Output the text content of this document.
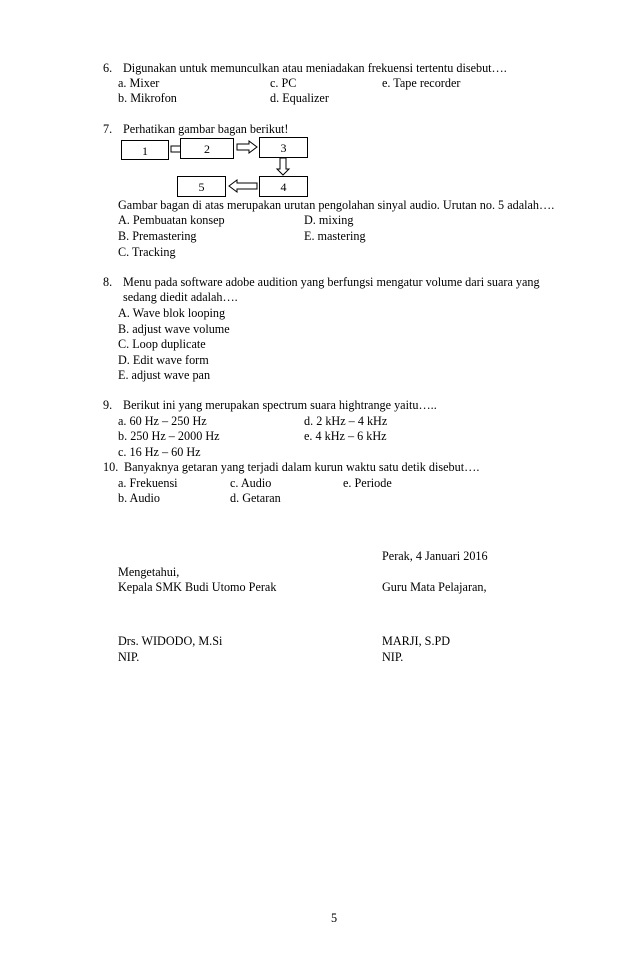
6. Digunakan untuk memunculkan atau meniadakan frekuensi tertentu disebut….
a. Mixer	c. PC	e. Tape recorder
b. Mikrofon	d. Equalizer
7. Perhatikan gambar bagan berikut!
1	2	3
4
5
Gambar bagan di atas merupakan urutan pengolahan sinyal audio. Urutan no. 5 adalah….
A. Pembuatan konsep	D. mixing
B. Premastering	E. mastering
C. Tracking
8. Menu pada software adobe audition yang berfungsi mengatur volume dari suara yang
sedang diedit adalah….
A. Wave blok looping
B. adjust wave volume
C. Loop duplicate
D. Edit wave form
E. adjust wave pan
9. Berikut ini yang merupakan spectrum suara hightrange yaitu…..
a. 60 Hz – 250 Hz	d. 2 kHz – 4 kHz
b. 250 Hz – 2000 Hz	e. 4 kHz – 6 kHz
c. 16 Hz – 60 Hz
10. Banyaknya getaran yang terjadi dalam kurun waktu satu detik disebut….
a. Frekuensi	c. Audio	e. Periode
b. Audio	d. Getaran
Perak, 4 Januari 2016
Mengetahui,
Kepala SMK Budi Utomo Perak	Guru Mata Pelajaran,
Drs. WIDODO, M.Si	MARJI, S.PD
NIP.	NIP.
5
